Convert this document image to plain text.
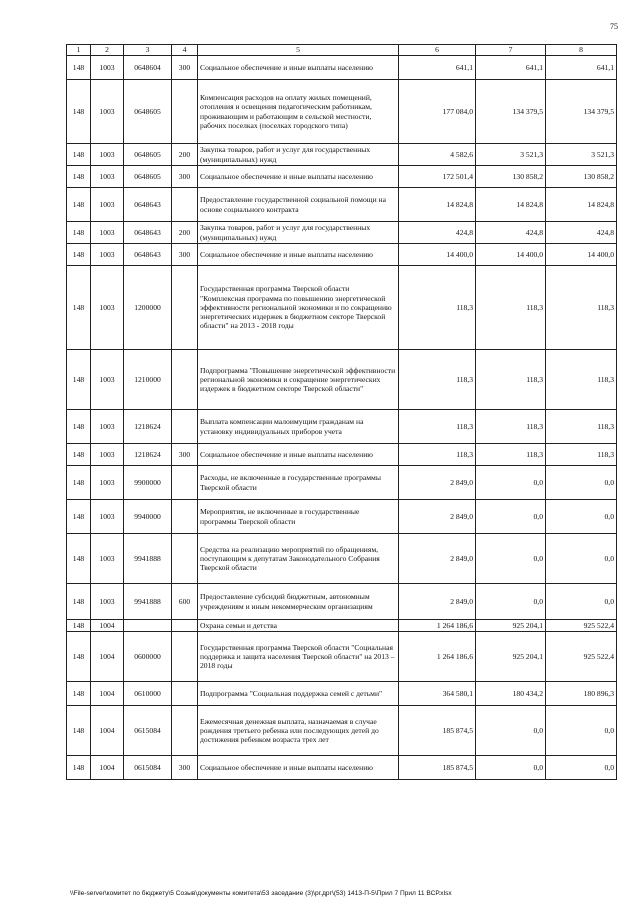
75
1	2	3	4	5	6	7	8
148	1003	0648604	300	Социальное обеспечение и иные выплаты населению	641,1	641,1	641,1
148	1003	0648605		Компенсация расходов на оплату жилых помещений, отопления и освещения педагогическим работникам, проживающим и работающим в сельской местности, рабочих поселках (поселках городского типа)	177 084,0	134 379,5	134 379,5
148	1003	0648605	200	Закупка товаров, работ и услуг для государственных (муниципальных) нужд	4 582,6	3 521,3	3 521,3
148	1003	0648605	300	Социальное обеспечение и иные выплаты населению	172 501,4	130 858,2	130 858,2
148	1003	0648643		Предоставление государственной социальной помощи на основе социального контракта	14 824,8	14 824,8	14 824,8
148	1003	0648643	200	Закупка товаров, работ и услуг для государственных (муниципальных) нужд	424,8	424,8	424,8
148	1003	0648643	300	Социальное обеспечение и иные выплаты населению	14 400,0	14 400,0	14 400,0
148	1003	1200000		Государственная программа Тверской области "Комплексная программа по повышению энергетической эффективности региональной экономики и по сокращению энергетических издержек в бюджетном секторе Тверской области" на 2013 - 2018 годы	118,3	118,3	118,3
148	1003	1210000		Подпрограмма "Повышение энергетической эффективности региональной экономики и сокращение энергетических издержек в бюджетном секторе Тверской области"	118,3	118,3	118,3
148	1003	1218624		Выплата компенсации малоимущим гражданам на установку индивидуальных приборов учета	118,3	118,3	118,3
148	1003	1218624	300	Социальное обеспечение и иные выплаты населению	118,3	118,3	118,3
148	1003	9900000		Расходы, не включенные в государственные программы Тверской области	2 849,0	0,0	0,0
148	1003	9940000		Мероприятия, не включенные в государственные программы Тверской области	2 849,0	0,0	0,0
148	1003	9941888		Средства на реализацию мероприятий по обращениям, поступающим к депутатам Законодательного Собрания Тверской области	2 849,0	0,0	0,0
148	1003	9941888	600	Предоставление субсидий бюджетным, автономным учреждениям и иным некоммерческим организациям	2 849,0	0,0	0,0
148	1004			Охрана семьи и детства	1 264 186,6	925 204,1	925 522,4
148	1004	0600000		Государственная программа Тверской области "Социальная поддержка и защита населения Тверской области" на 2013 – 2018 годы	1 264 186,6	925 204,1	925 522,4
148	1004	0610000		Подпрограмма "Социальная поддержка семей с детьми"	364 580,1	180 434,2	180 896,3
148	1004	0615084		Ежемесячная денежная выплата, назначаемая в случае рождения третьего ребенка или последующих детей до достижения ребенком возраста трех лет	185 874,5	0,0	0,0
148	1004	0615084	300	Социальное обеспечение и иные выплаты населению	185 874,5	0,0	0,0
\\File-server\комитет по бюджету\5 Созыв\документы комитета\53 заседание (3)\рг.дрг\(53) 1413-П-5\Прил 7 Прил 11 ВСР.xlsx
